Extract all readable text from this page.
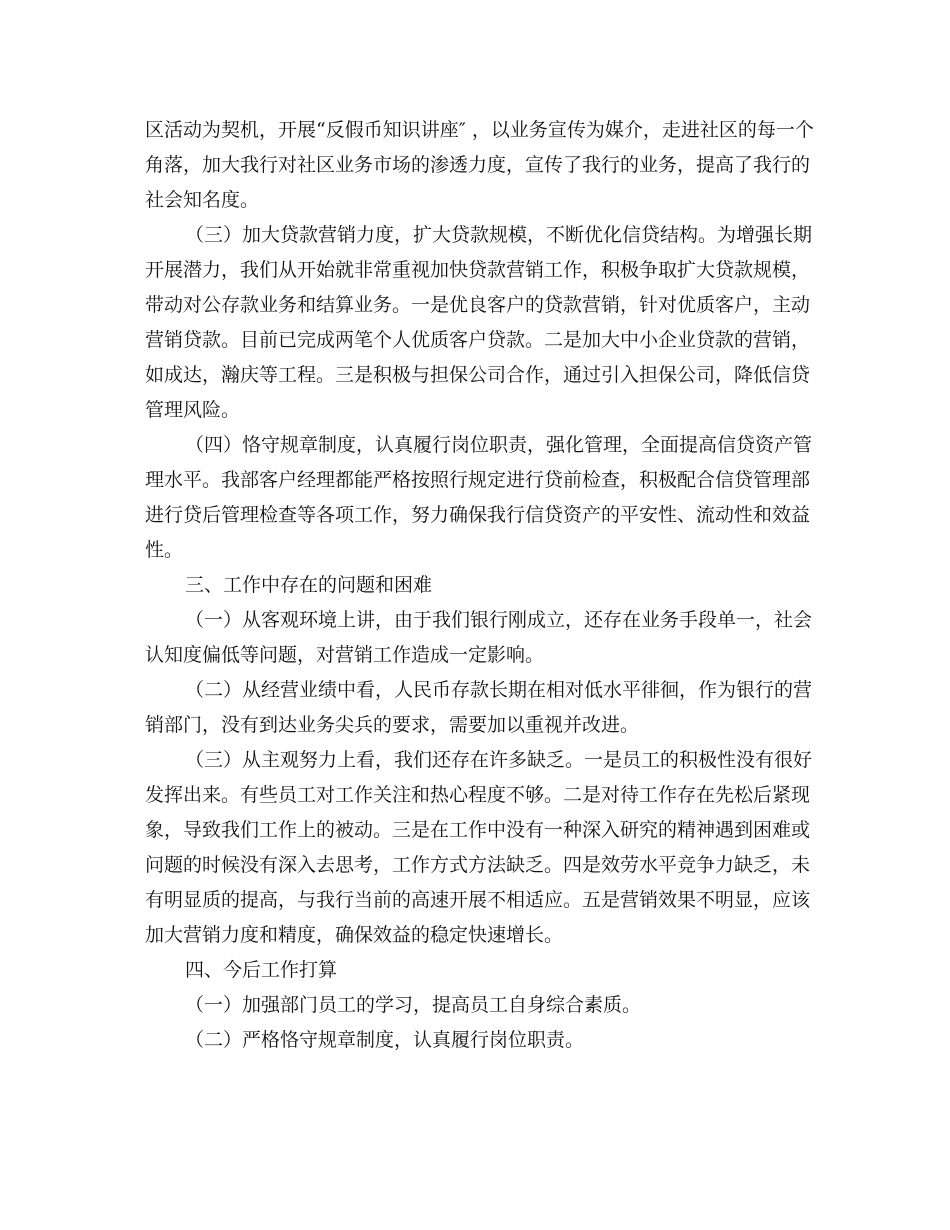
区活动为契机，开展“反假币知识讲座″ ，以业务宣传为媒介，走进社区的每一个
角落，加大我行对社区业务市场的渗透力度，宣传了我行的业务，提高了我行的
社会知名度。
（三）加大贷款营销力度，扩大贷款规模，不断优化信贷结构。为增强长期
开展潜力，我们从开始就非常重视加快贷款营销工作，积极争取扩大贷款规模，
带动对公存款业务和结算业务。一是优良客户的贷款营销，针对优质客户，主动
营销贷款。目前已完成两笔个人优质客户贷款。二是加大中小企业贷款的营销，
如成达，瀚庆等工程。三是积极与担保公司合作，通过引入担保公司，降低信贷
管理风险。
（四）恪守规章制度，认真履行岗位职责，强化管理，全面提高信贷资产管
理水平。我部客户经理都能严格按照行规定进行贷前检查，积极配合信贷管理部
进行贷后管理检查等各项工作，努力确保我行信贷资产的平安性、流动性和效益
性。
三、工作中存在的问题和困难
（一）从客观环境上讲，由于我们银行刚成立，还存在业务手段单一，社会
认知度偏低等问题，对营销工作造成一定影响。
（二）从经营业绩中看，人民币存款长期在相对低水平徘徊，作为银行的营
销部门，没有到达业务尖兵的要求，需要加以重视并改进。
（三）从主观努力上看，我们还存在许多缺乏。一是员工的积极性没有很好
发挥出来。有些员工对工作关注和热心程度不够。二是对待工作存在先松后紧现
象，导致我们工作上的被动。三是在工作中没有一种深入研究的精神遇到困难或
问题的时候没有深入去思考，工作方式方法缺乏。四是效劳水平竞争力缺乏，未
有明显质的提高，与我行当前的高速开展不相适应。五是营销效果不明显，应该
加大营销力度和精度，确保效益的稳定快速增长。
四、今后工作打算
（一）加强部门员工的学习，提高员工自身综合素质。
（二）严格恪守规章制度，认真履行岗位职责。
